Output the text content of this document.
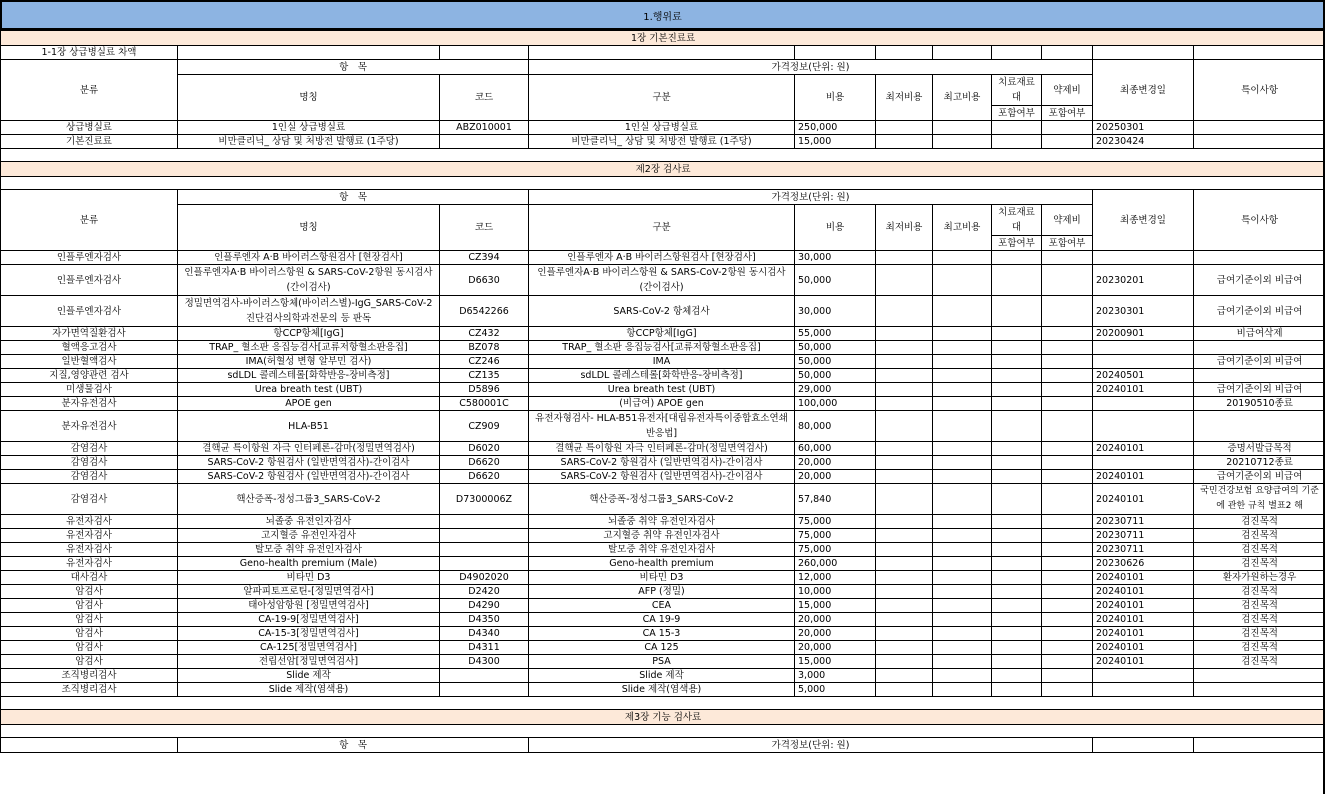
1.행위료
1장 기본진료료										
1-1장 상급병실료 차액										
분류	항　목		가격정보(단위: 원)						최종변경일	특이사항
	명칭	코드	구분	비용	최저비용	최고비용	치료재료대	약제비		

							포함여부	포함여부		
상급병실료	1인실 상급병실료	ABZ010001	1인실 상급병실료	250,000					20250301	
기본진료료	비만클리닉_ 상담 및 처방전 발행료 (1주당)		비만클리닉_ 상담 및 처방전 발행료 (1주당)	15,000					20230424	

제2장 검사료										

분류	항　목		가격정보(단위: 원)						최종변경일	특이사항
	명칭	코드	구분	비용	최저비용	최고비용	치료재료대	약제비		

							포함여부	포함여부		
인플루엔자검사	인플루엔자 A·B 바이러스항원검사 [현장검사]	CZ394	인플루엔자 A·B 바이러스항원검사 [현장검사]	30,000						
인플루엔자검사	인플루엔자A·B 바이러스항원 & SARS-CoV-2항원 동시검사(간이검사)	D6630	인플루엔자A·B 바이러스항원 & SARS-CoV-2항원 동시검사(간이검사)	50,000					20230201	급여기준이외 비급여
인플루엔자검사	정밀면역검사-바이러스항체(바이러스별)-IgG_SARS-CoV-2 진단검사의학과전문의 등 판독	D6542266	SARS-CoV-2 항체검사	30,000					20230301	급여기준이외 비급여
자가면역질환검사	항CCP항체[IgG]	CZ432	항CCP항체[IgG]	55,000					20200901	비급여삭제
혈액응고검사	TRAP_ 혈소판 응집능검사[교류저항혈소판응집]	BZ078	TRAP_ 혈소판 응집능검사[교류저항혈소판응집]	50,000						
일반혈액검사	IMA(허혈성 변형 알부민 검사)	CZ246	IMA	50,000						급여기준이외 비급여
지질,영양관련 검사	sdLDL 콜레스테롤[화학반응-장비측정]	CZ135	sdLDL 콜레스테롤[화학반응-장비측정]	50,000					20240501	
미생물검사	Urea breath test (UBT)	D5896	Urea breath test (UBT)	29,000					20240101	급여기준이외 비급여
분자유전검사	APOE gen	C580001C	(비급여) APOE gen	100,000						20190510종료
분자유전검사	HLA-B51	CZ909	유전자형검사- HLA-B51유전자[대립유전자특이중합효소연쇄반응법]	80,000						
감염검사	결핵균 특이항원 자극 인터페론-감마(정밀면역검사)	D6020	결핵균 특이항원 자극 인터페론-감마(정밀면역검사)	60,000					20240101	증명서발급목적
감염검사	SARS-CoV-2 항원검사 (일반면역검사)-간이검사	D6620	SARS-CoV-2 항원검사 (일반면역검사)-간이검사	20,000						20210712종료
감염검사	SARS-CoV-2 항원검사 (일반면역검사)-간이검사	D6620	SARS-CoV-2 항원검사 (일반면역검사)-간이검사	20,000					20240101	급여기준이외 비급여
감염검사	핵산증폭-정성그룹3_SARS-CoV-2	D7300006Z	핵산증폭-정성그룹3_SARS-CoV-2	57,840					20240101	국민건강보험 요양급여의 기준에 관한 규칙 별표2 해
유전자검사	뇌졸중 유전인자검사		뇌졸중 취약 유전인자검사	75,000					20230711	검진목적
유전자검사	고지혈증 유전인자검사		고지혈증 취약 유전인자검사	75,000					20230711	검진목적
유전자검사	탈모증 취약 유전인자검사		탈모증 취약 유전인자검사	75,000					20230711	검진목적
유전자검사	Geno-health premium (Male)		Geno-health premium	260,000					20230626	검진목적
대사검사	비타민 D3	D4902020	비타민 D3	12,000					20240101	환자가원하는경우
암검사	알파피토프로틴-[정밀면역검사]	D2420	AFP (정밀)	10,000					20240101	검진목적
암검사	태아성암항원 [정밀면역검사]	D4290	CEA	15,000					20240101	검진목적
암검사	CA-19-9[정밀면역검사]	D4350	CA 19-9	20,000					20240101	검진목적
암검사	CA-15-3[정밀면역검사]	D4340	CA 15-3	20,000					20240101	검진목적
암검사	CA-125[정밀면역검사]	D4311	CA 125	20,000					20240101	검진목적
암검사	전립선암[정밀면역검사]	D4300	PSA	15,000					20240101	검진목적
조직병리검사	Slide 제작		Slide 제작	3,000						
조직병리검사	Slide 제작(염색용)		Slide 제작(염색용)	5,000						

제3장 기능 검사료										

	항　목		가격정보(단위: 원)							
